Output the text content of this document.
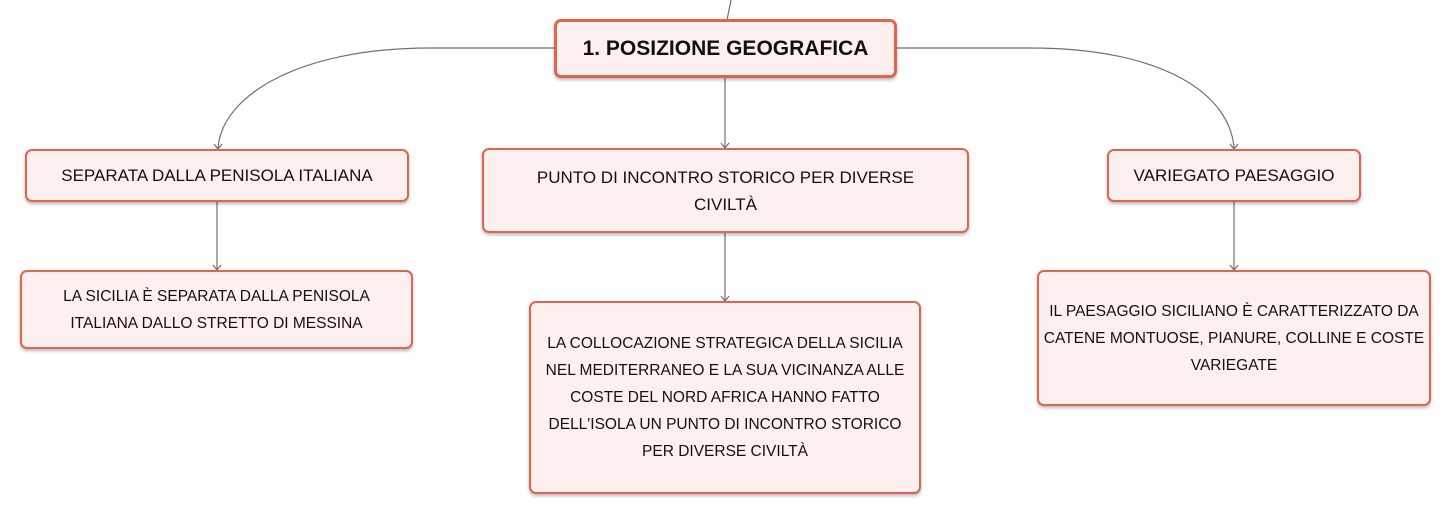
1. POSIZIONE GEOGRAFICA
SEPARATA DALLA PENISOLA ITALIANA	PUNTO DI INCONTRO STORICO PER DIVERSE CIVILTÀ
VARIEGATO PAESAGGIO
LA SICILIA È SEPARATA DALLA PENISOLA ITALIANA DALLO STRETTO DI MESSINA
LA COLLOCAZIONE STRATEGICA DELLA SICILIA NEL MEDITERRANEO E LA SUA VICINANZA ALLE COSTE DEL NORD AFRICA HANNO FATTO DELL'ISOLA UN PUNTO DI INCONTRO STORICO PER DIVERSE CIVILTÀ
IL PAESAGGIO SICILIANO È CARATTERIZZATO DA CATENE MONTUOSE, PIANURE, COLLINE E COSTE VARIEGATE
